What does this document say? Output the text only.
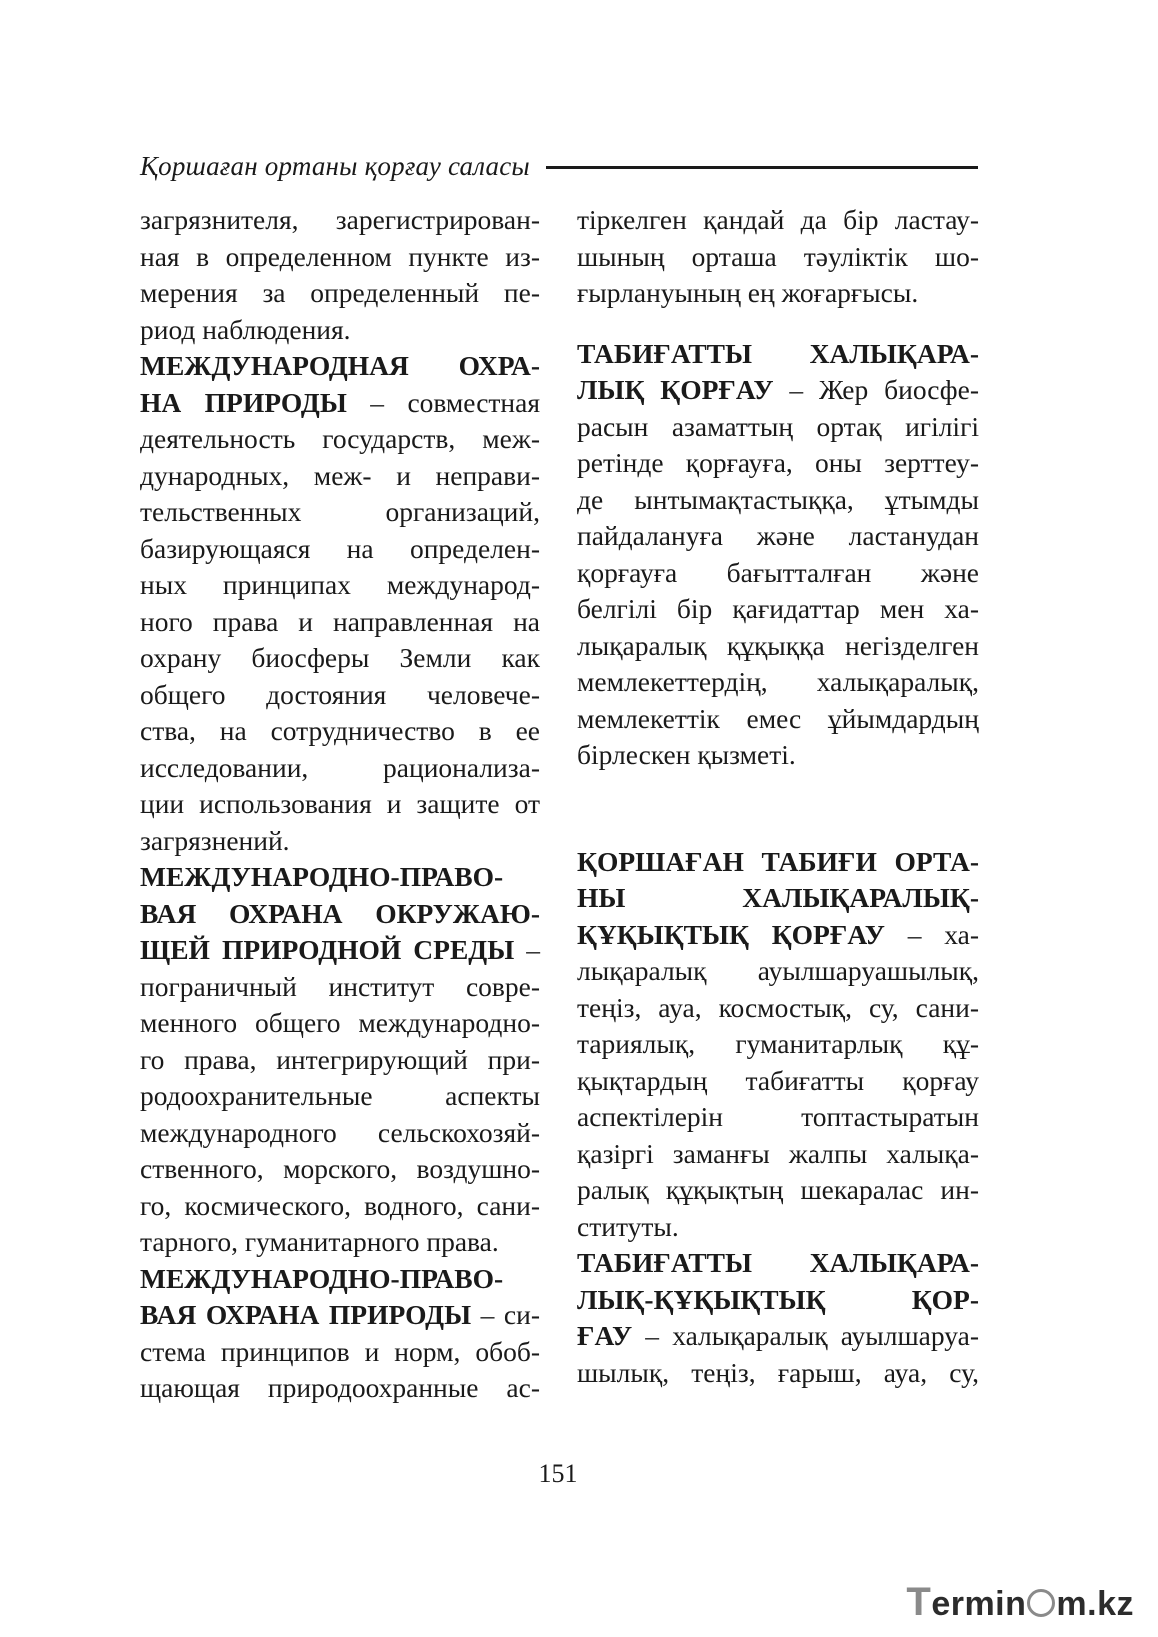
Қоршаған ортаны қорғау саласы
загрязнителя, зарегистрирован-
ная в определенном пункте из-
мерения за определенный пе-
риод наблюдения.
МЕЖДУНАРОДНАЯ ОХРА-
НА ПРИРОДЫ – совместная
деятельность государств, меж-
дународных, меж- и неправи-
тельственных организаций,
базирующаяся на определен-
ных принципах международ-
ного права и направленная на
охрану биосферы Земли как
общего достояния человече-
ства, на сотрудничество в ее
исследовании, рационализа-
ции использования и защите от
загрязнений.
МЕЖДУНАРОДНО-ПРАВО-
ВАЯ ОХРАНА ОКРУЖАЮ-
ЩЕЙ ПРИРОДНОЙ СРЕДЫ –
пограничный институт совре-
менного общего международно-
го права, интегрирующий при-
родоохранительные аспекты
международного сельскохозяй-
ственного, морского, воздушно-
го, космического, водного, сани-
тарного, гуманитарного права.
МЕЖДУНАРОДНО-ПРАВО-
ВАЯ ОХРАНА ПРИРОДЫ – си-
стема принципов и норм, обоб-
щающая природоохранные ас-
тіркелген қандай да бір ластау-
шының орташа тәуліктік шо-
ғырлануының ең жоғарғысы.
ТАБИҒАТТЫ ХАЛЫҚАРА-
ЛЫҚ ҚОРҒАУ – Жер биосфе-
расын азаматтың ортақ игілігі
ретінде қорғауға, оны зерттеу-
де ынтымақтастыққа, ұтымды
пайдалануға және ластанудан
қорғауға бағытталған және
белгілі бір қағидаттар мен ха-
лықаралық құқыққа негізделген
мемлекеттердің, халықаралық,
мемлекеттік емес ұйымдардың
бірлескен қызметі.
ҚОРШАҒАН ТАБИҒИ ОРТА-
НЫ ХАЛЫҚАРАЛЫҚ-
ҚҰҚЫҚТЫҚ ҚОРҒАУ – ха-
лықаралық ауылшаруашылық,
теңіз, ауа, космостық, су, сани-
тариялық, гуманитарлық құ-
қықтардың табиғатты қорғау
аспектілерін топтастыратын
қазіргі заманғы жалпы халықа-
ралық құқықтың шекаралас ин-
ституты.
ТАБИҒАТТЫ ХАЛЫҚАРА-
ЛЫҚ-ҚҰҚЫҚТЫҚ ҚОР-
ҒАУ – халықаралық ауылшаруа-
шылық, теңіз, ғарыш, ауа, су,
151
T ermin m.kz
